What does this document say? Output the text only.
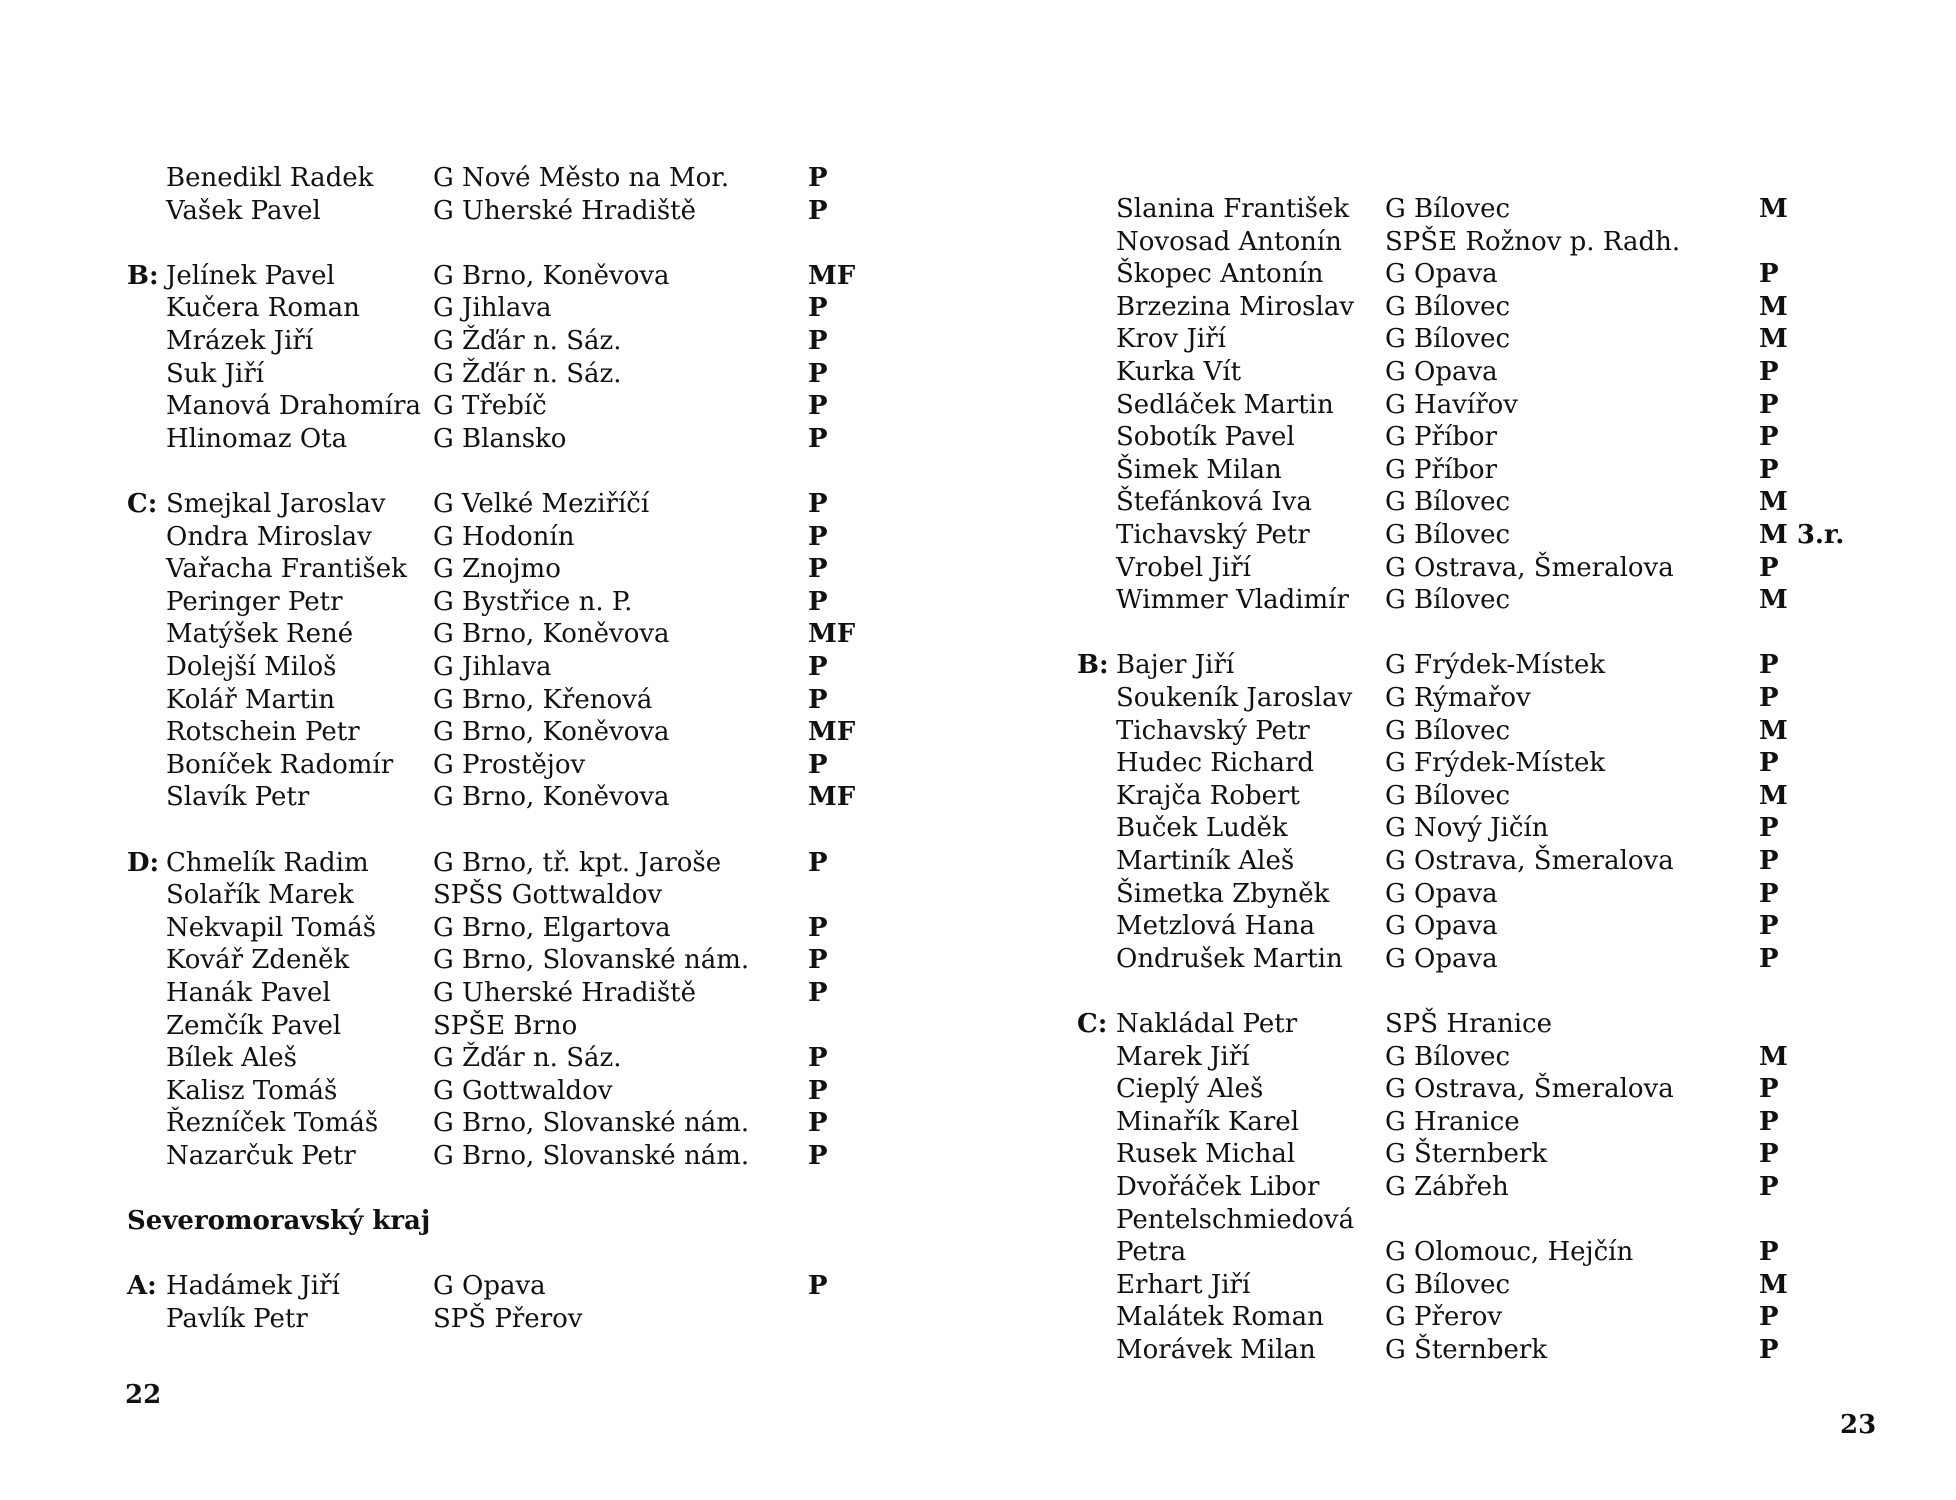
Benedikl Radek G Nové Město na Mor.	P
Vašek Pavel	G Uherské Hradiště	P
B: Jelínek Pavel	G Brno, Koněvova	MF
Kučera Roman	G Jihlava	P
Mrázek Jiří	G Žďár n. Sáz.	P
Suk Jiří	G Žďár n. Sáz.	P
Manová Drahomíra G Třebíč	P
Hlinomaz Ota	G Blansko	P
C: Smejkal Jaroslav G Velké Meziříčí	P
Ondra Miroslav G Hodonín	P
Vařacha František G Znojmo	P
Peringer Petr	G Bystřice n. P.	P
Matýšek René	G Brno, Koněvova	MF
Dolejší Miloš	G Jihlava	P
Kolář Martin	G Brno, Křenová	P
Rotschein Petr	G Brno, Koněvova	MF
Boníček Radomír G Prostějov	P
Slavík Petr	G Brno, Koněvova	MF
D: Chmelík Radim G Brno, tř. kpt. Jaroše	P
Solařík Marek	SPŠS Gottwaldov
Nekvapil Tomáš G Brno, Elgartova	P
Kovář Zdeněk	G Brno, Slovanské nám. P
Hanák Pavel	G Uherské Hradiště	P
Zemčík Pavel	SPŠE Brno
Bílek Aleš	G Žďár n. Sáz.	P
Kalisz Tomáš	G Gottwaldov	P
Řezníček Tomáš G Brno, Slovanské nám. P
Nazarčuk Petr	G Brno, Slovanské nám. P
Severomoravský kraj
A: Hadámek Jiří	G Opava	P
Pavlík Petr	SPŠ Přerov
22
Slanina František G Bílovec	M
Novosad Antonín SPŠE Rožnov p. Radh.
Škopec Antonín G Opava	P
Brzezina Miroslav G Bílovec	M
Krov Jiří	G Bílovec	M
Kurka Vít	G Opava	P
Sedláček Martin G Havířov	P
Sobotík Pavel	G Příbor	P
Šimek Milan	G Příbor	P
Štefánková Iva	G Bílovec	M
Tichavský Petr	G Bílovec	M 3.r.
Vrobel Jiří	G Ostrava, Šmeralova	P
Wimmer Vladimír G Bílovec	M
B: Bajer Jiří	G Frýdek-Místek	P
Soukeník Jaroslav G Rýmařov	P
Tichavský Petr	G Bílovec	M
Hudec Richard	G Frýdek-Místek	P
Krajča Robert	G Bílovec	M
Buček Luděk	G Nový Jičín	P
Martiník Aleš	G Ostrava, Šmeralova	P
Šimetka Zbyněk G Opava	P
Metzlová Hana	G Opava	P
Ondrušek Martin G Opava	P
C: Nakládal Petr	SPŠ Hranice
Marek Jiří	G Bílovec	M
Cieplý Aleš	G Ostrava, Šmeralova	P
Minařík Karel	G Hranice	P
Rusek Michal	G Šternberk	P
Dvořáček Libor	G Zábřeh	P
Pentelschmiedová
Petra	G Olomouc, Hejčín	P
Erhart Jiří	G Bílovec	M
Malátek Roman G Přerov	P
Morávek Milan	G Šternberk	P
23
